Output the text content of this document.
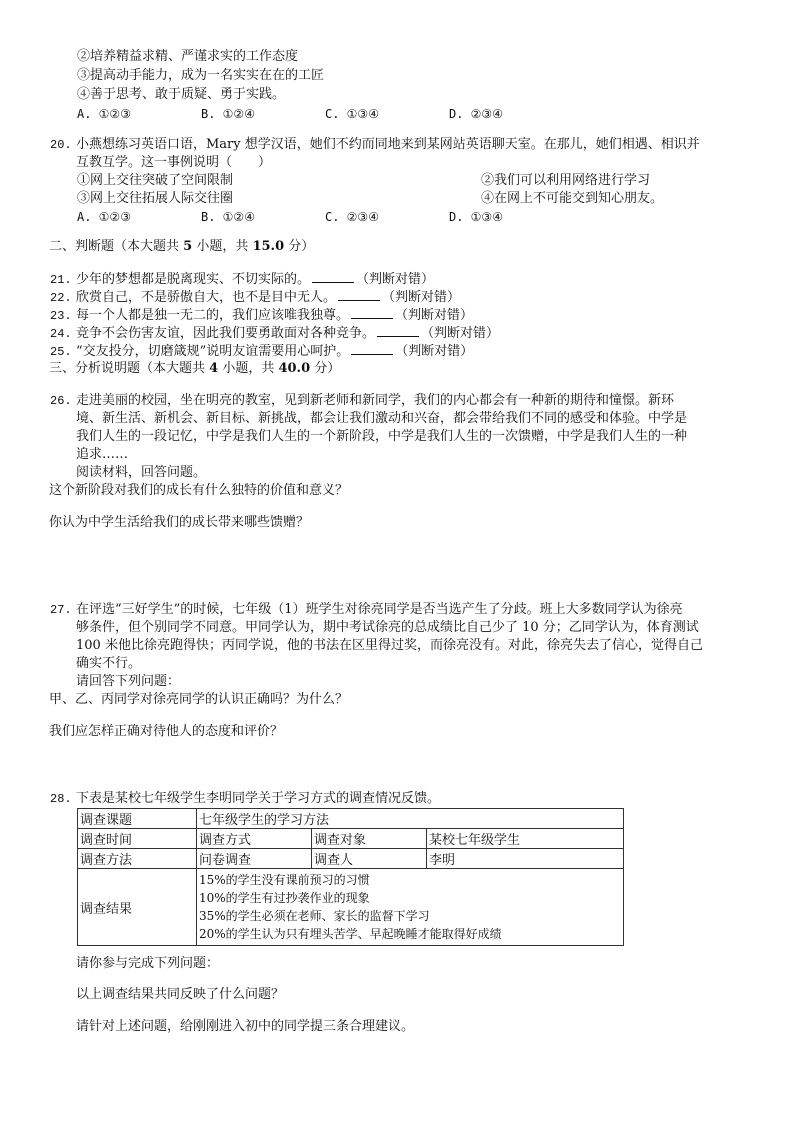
②培养精益求精、严谨求实的工作态度
③提高动手能力，成为一名实实在在的工匠
④善于思考、敢于质疑、勇于实践。
A. ①②③	B. ①②④	C. ①③④	D. ②③④
20. 小燕想练习英语口语，Mary 想学汉语，她们不约而同地来到某网站英语聊天室。在那儿，她们相遇、相识并
互教互学。这一事例说明（　　）
①网上交往突破了空间限制	②我们可以利用网络进行学习
③网上交往拓展人际交往圈	④在网上不可能交到知心朋友。
A. ①②③	B. ①②④	C. ②③④	D. ①③④
二、判断题（本大题共 5 小题，共 15.0 分）
21. 少年的梦想都是脱离现实、不切实际的。	（判断对错）
22. 欣赏自己，不是骄傲自大，也不是目中无人。	（判断对错）
23. 每一个人都是独一无二的，我们应该唯我独尊。	（判断对错）
24. 竞争不会伤害友谊，因此我们要勇敢面对各种竞争。	（判断对错）
25. “交友投分，切磨箴规”说明友谊需要用心呵护。	（判断对错）
三、分析说明题（本大题共 4 小题，共 40.0 分）
26. 走进美丽的校园，坐在明亮的教室，见到新老师和新同学，我们的内心都会有一种新的期待和憧憬。新环
境、新生活、新机会、新目标、新挑战，都会让我们激动和兴奋，都会带给我们不同的感受和体验。中学是
我们人生的一段记忆，中学是我们人生的一个新阶段，中学是我们人生的一次馈赠，中学是我们人生的一种
追求……
阅读材料，回答问题。
这个新阶段对我们的成长有什么独特的价值和意义？
你认为中学生活给我们的成长带来哪些馈赠？
27. 在评选“三好学生”的时候，七年级（1）班学生对徐亮同学是否当选产生了分歧。班上大多数同学认为徐亮
够条件，但个别同学不同意。甲同学认为，期中考试徐亮的总成绩比自己少了 10 分；乙同学认为，体育测试
100 米他比徐亮跑得快；丙同学说，他的书法在区里得过奖，而徐亮没有。对此，徐亮失去了信心，觉得自己
确实不行。
请回答下列问题：
甲、乙、丙同学对徐亮同学的认识正确吗？为什么？
我们应怎样正确对待他人的态度和评价？
28. 下表是某校七年级学生李明同学关于学习方式的调查情况反馈。
调查课题	七年级学生的学习方法		
调查时间	调查方式	调查对象	某校七年级学生
调查方法	问卷调查	调查人	李明
调查结果	15%的学生没有课前预习的习惯
10%的学生有过抄袭作业的现象
35%的学生必须在老师、家长的监督下学习
20%的学生认为只有埋头苦学、早起晚睡才能取得好成绩		
请你参与完成下列问题：
以上调查结果共同反映了什么问题？
请针对上述问题，给刚刚进入初中的同学提三条合理建议。
